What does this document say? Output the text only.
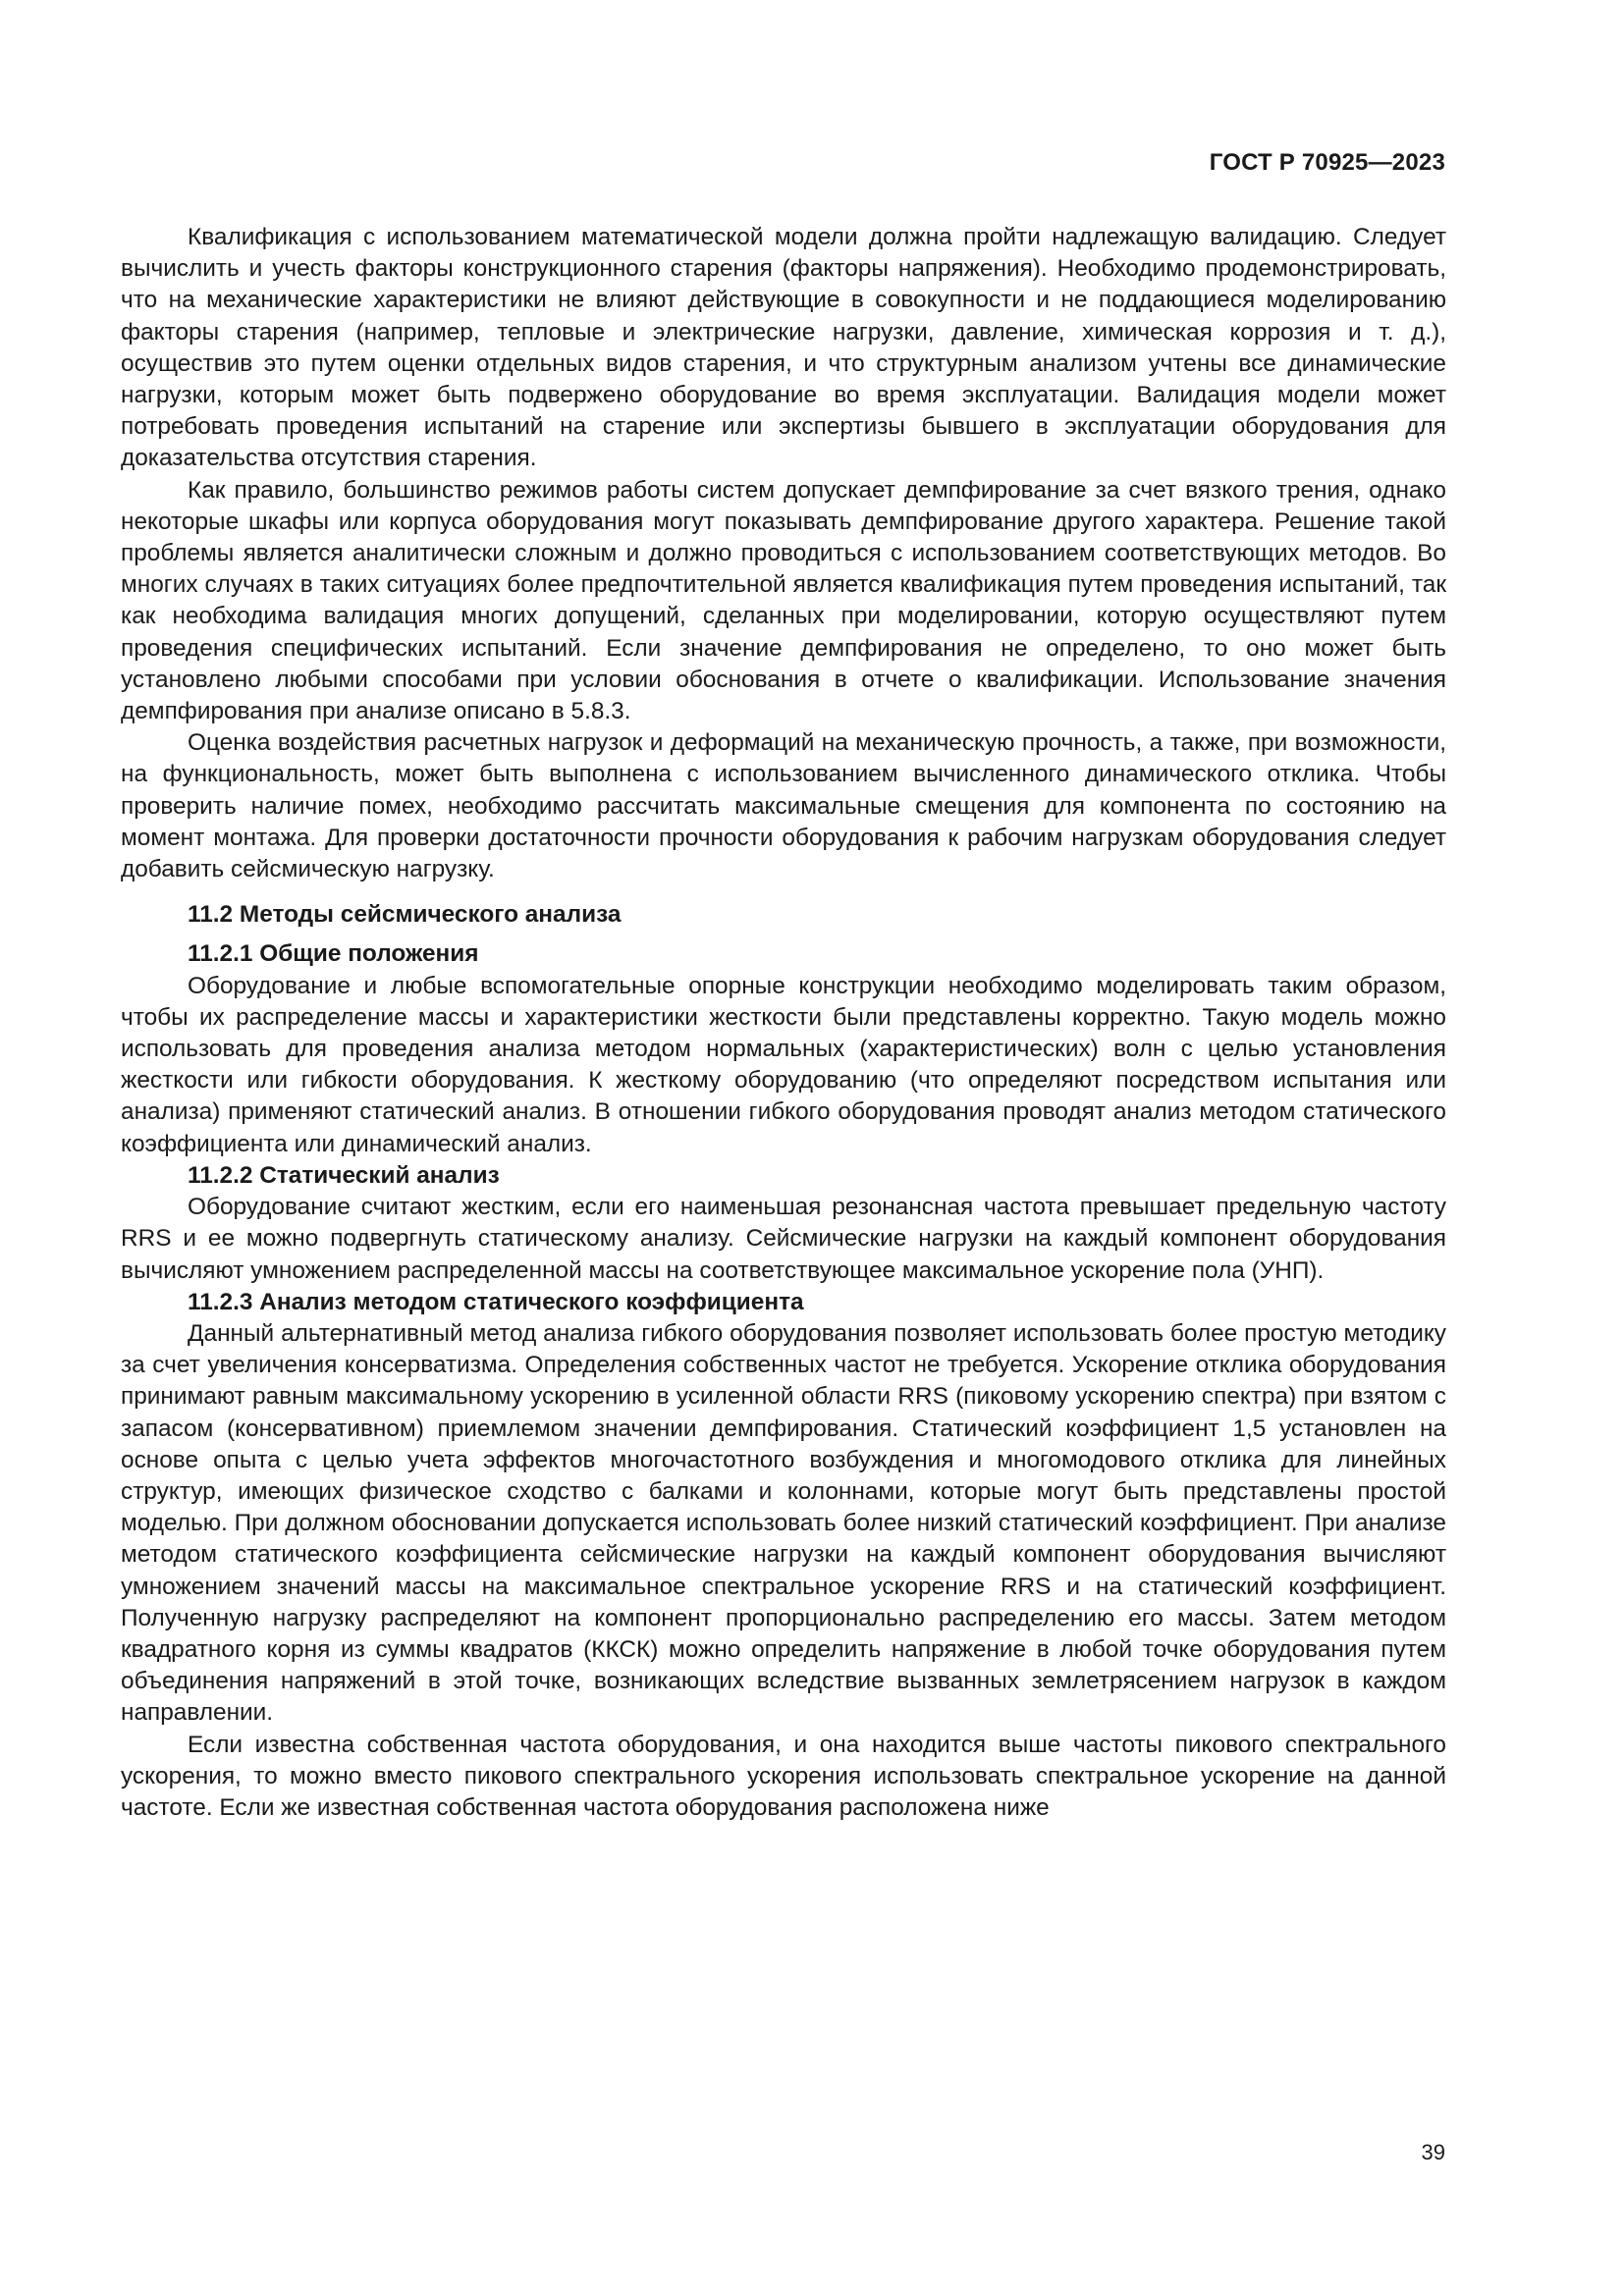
ГОСТ Р 70925—2023

Квалификация с использованием математической модели должна пройти надлежащую валидацию. Следует вычислить и учесть факторы конструкционного старения (факторы напряжения). Необходимо продемонстрировать, что на механические характеристики не влияют действующие в совокупности и не поддающиеся моделированию факторы старения (например, тепловые и электрические нагрузки, давление, химическая коррозия и т. д.), осуществив это путем оценки отдельных видов старения, и что структурным анализом учтены все динамические нагрузки, которым может быть подвержено оборудование во время эксплуатации. Валидация модели может потребовать проведения испытаний на старение или экспертизы бывшего в эксплуатации оборудования для доказательства отсутствия старения.

Как правило, большинство режимов работы систем допускает демпфирование за счет вязкого трения, однако некоторые шкафы или корпуса оборудования могут показывать демпфирование другого характера. Решение такой проблемы является аналитически сложным и должно проводиться с использованием соответствующих методов. Во многих случаях в таких ситуациях более предпочтительной является квалификация путем проведения испытаний, так как необходима валидация многих допущений, сделанных при моделировании, которую осуществляют путем проведения специфических испытаний. Если значение демпфирования не определено, то оно может быть установлено любыми способами при условии обоснования в отчете о квалификации. Использование значения демпфирования при анализе описано в 5.8.3.

Оценка воздействия расчетных нагрузок и деформаций на механическую прочность, а также, при возможности, на функциональность, может быть выполнена с использованием вычисленного динамического отклика. Чтобы проверить наличие помех, необходимо рассчитать максимальные смещения для компонента по состоянию на момент монтажа. Для проверки достаточности прочности оборудования к рабочим нагрузкам оборудования следует добавить сейсмическую нагрузку.

11.2 Методы сейсмического анализа
11.2.1 Общие положения

Оборудование и любые вспомогательные опорные конструкции необходимо моделировать таким образом, чтобы их распределение массы и характеристики жесткости были представлены корректно. Такую модель можно использовать для проведения анализа методом нормальных (характеристических) волн с целью установления жесткости или гибкости оборудования. К жесткому оборудованию (что определяют посредством испытания или анализа) применяют статический анализ. В отношении гибкого оборудования проводят анализ методом статического коэффициента или динамический анализ.

11.2.2 Статический анализ

Оборудование считают жестким, если его наименьшая резонансная частота превышает предельную частоту RRS и ее можно подвергнуть статическому анализу. Сейсмические нагрузки на каждый компонент оборудования вычисляют умножением распределенной массы на соответствующее максимальное ускорение пола (УНП).

11.2.3 Анализ методом статического коэффициента

Данный альтернативный метод анализа гибкого оборудования позволяет использовать более простую методику за счет увеличения консерватизма. Определения собственных частот не требуется. Ускорение отклика оборудования принимают равным максимальному ускорению в усиленной области RRS (пиковому ускорению спектра) при взятом с запасом (консервативном) приемлемом значении демпфирования. Статический коэффициент 1,5 установлен на основе опыта с целью учета эффектов многочастотного возбуждения и многомодового отклика для линейных структур, имеющих физическое сходство с балками и колоннами, которые могут быть представлены простой моделью. При должном обосновании допускается использовать более низкий статический коэффициент. При анализе методом статического коэффициента сейсмические нагрузки на каждый компонент оборудования вычисляют умножением значений массы на максимальное спектральное ускорение RRS и на статический коэффициент. Полученную нагрузку распределяют на компонент пропорционально распределению его массы. Затем методом квадратного корня из суммы квадратов (ККСК) можно определить напряжение в любой точке оборудования путем объединения напряжений в этой точке, возникающих вследствие вызванных землетрясением нагрузок в каждом направлении.

Если известна собственная частота оборудования, и она находится выше частоты пикового спектрального ускорения, то можно вместо пикового спектрального ускорения использовать спектральное ускорение на данной частоте. Если же известная собственная частота оборудования расположена ниже

39
